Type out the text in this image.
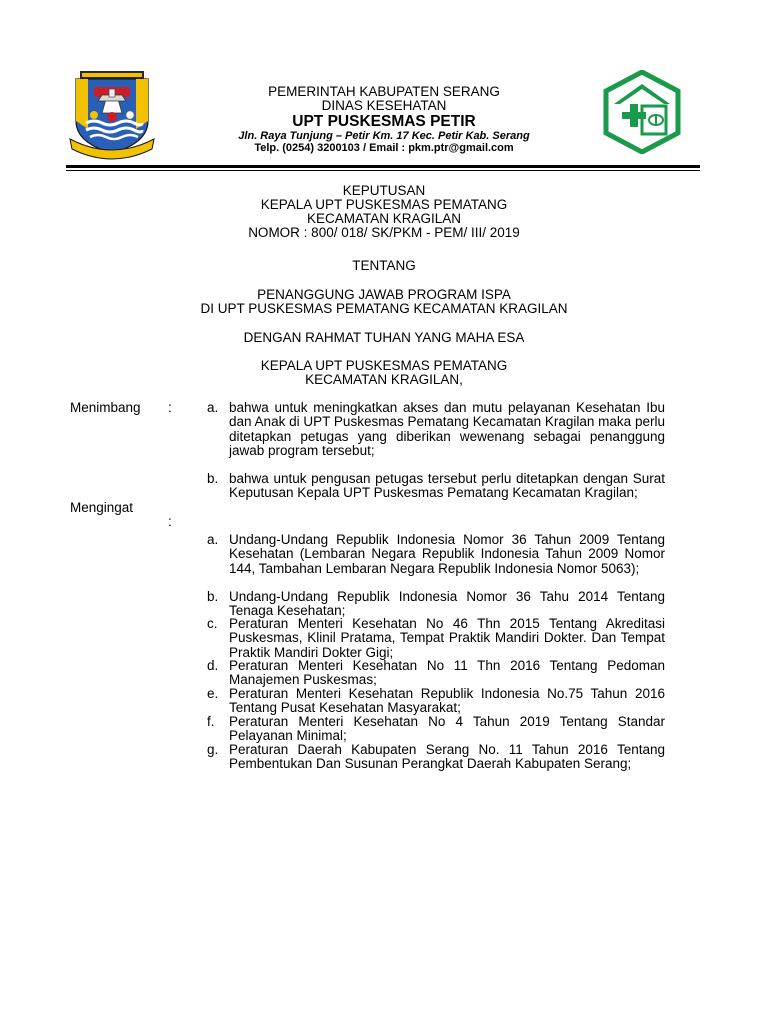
PEMERINTAH KABUPATEN SERANG
DINAS KESEHATAN
UPT PUSKESMAS PETIR
Jln. Raya Tunjung – Petir Km. 17 Kec. Petir Kab. Serang
Telp. (0254) 3200103 / Email : pkm.ptr@gmail.com
KEPUTUSAN
KEPALA UPT PUSKESMAS PEMATANG
KECAMATAN KRAGILAN
NOMOR : 800/ 018/ SK/PKM - PEM/ III/ 2019
TENTANG
PENANGGUNG JAWAB PROGRAM ISPA
DI UPT PUSKESMAS PEMATANG KECAMATAN KRAGILAN
DENGAN RAHMAT TUHAN YANG MAHA ESA
KEPALA UPT PUSKESMAS PEMATANG
KECAMATAN KRAGILAN,
Menimbang :	a. bahwa untuk meningkatkan akses dan mutu pelayanan Kesehatan Ibu dan Anak di UPT Puskesmas Pematang Kecamatan Kragilan maka perlu ditetapkan petugas yang diberikan wewenang sebagai penanggung jawab program tersebut;
b. bahwa untuk pengusan petugas tersebut perlu ditetapkan dengan Surat Keputusan Kepala UPT Puskesmas Pematang Kecamatan Kragilan;
Mengingat
:
a. Undang-Undang Republik Indonesia Nomor 36 Tahun 2009 Tentang Kesehatan (Lembaran Negara Republik Indonesia Tahun 2009 Nomor 144, Tambahan Lembaran Negara Republik Indonesia Nomor 5063);
b. Undang-Undang Republik Indonesia Nomor 36 Tahu 2014 Tentang Tenaga Kesehatan;
c. Peraturan Menteri Kesehatan No 46 Thn 2015 Tentang Akreditasi Puskesmas, Klinil Pratama, Tempat Praktik Mandiri Dokter. Dan Tempat Praktik Mandiri Dokter Gigi;
d. Peraturan Menteri Kesehatan No 11 Thn 2016 Tentang Pedoman Manajemen Puskesmas;
e. Peraturan Menteri Kesehatan Republik Indonesia No.75 Tahun 2016 Tentang Pusat Kesehatan Masyarakat;
f.	Peraturan Menteri Kesehatan No 4 Tahun 2019 Tentang Standar Pelayanan Minimal;
g. Peraturan Daerah Kabupaten Serang No. 11 Tahun 2016 Tentang Pembentukan Dan Susunan Perangkat Daerah Kabupaten Serang;
